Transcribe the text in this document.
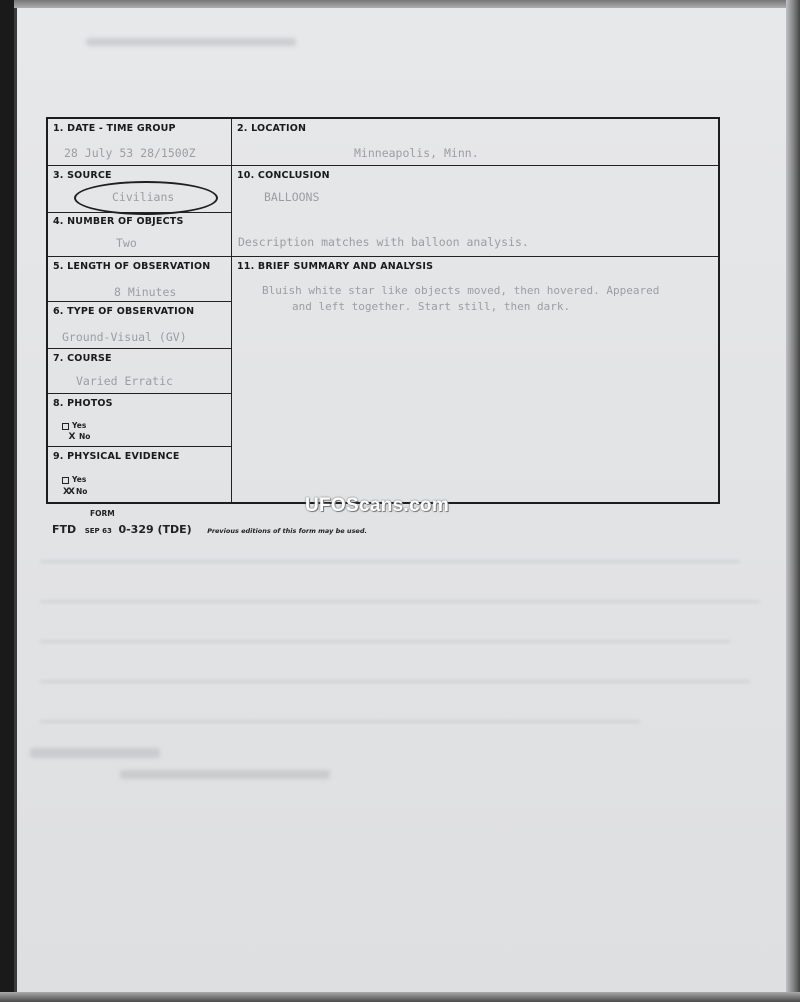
1. DATE - TIME GROUP
28 July 53 28/1500Z
2. LOCATION
Minneapolis, Minn.
3. SOURCE
Civilians
10. CONCLUSION
BALLOONS
Description matches with balloon analysis.
4. NUMBER OF OBJECTS
Two
5. LENGTH OF OBSERVATION
8 Minutes
11. BRIEF SUMMARY AND ANALYSIS
Bluish white star like objects moved, then hovered. Appeared
and left together. Start still, then dark.
6. TYPE OF OBSERVATION
Ground-Visual (GV)
7. COURSE
Varied Erratic
8. PHOTOS
Yes
X No
9. PHYSICAL EVIDENCE
Yes
XX No
FORM
FTD SEP 63 0-329 (TDE) Previous editions of this form may be used.
UFOScans.com
